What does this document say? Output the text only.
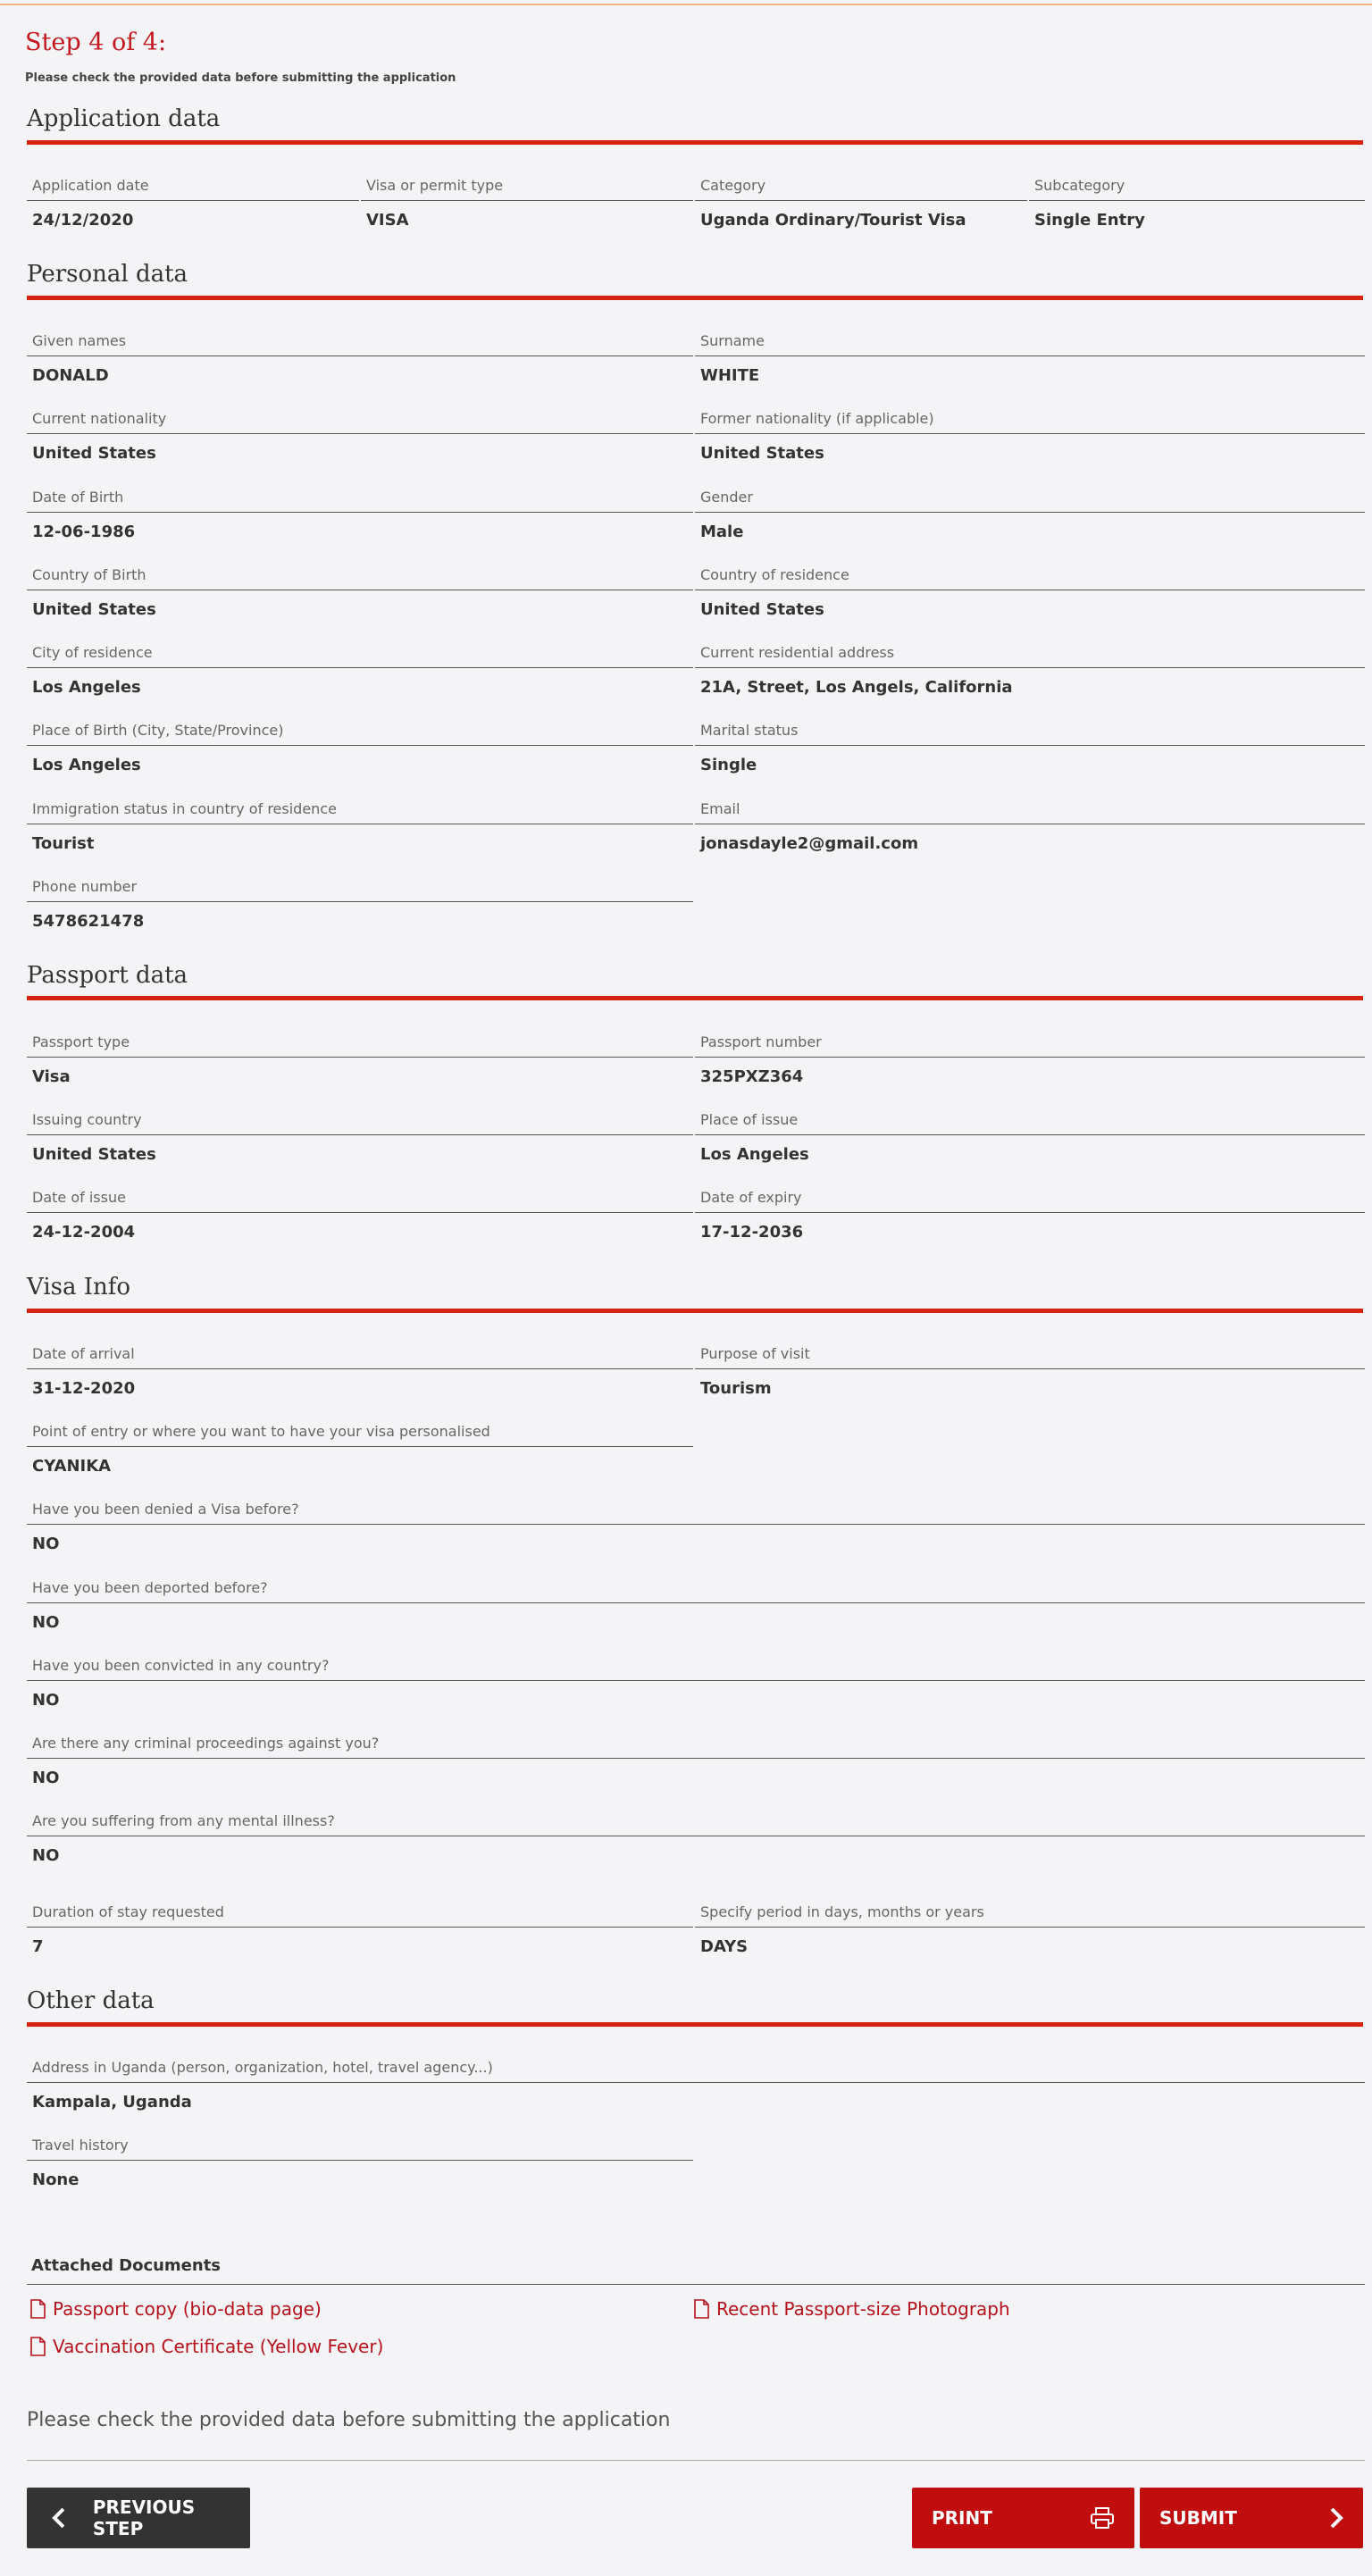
Step 4 of 4:
Please check the provided data before submitting the application
Application data
Application date
24/12/2020
Visa or permit type
VISA
Category
Uganda Ordinary/Tourist Visa
Subcategory
Single Entry
Personal data
Given names
DONALD
Surname
WHITE
Current nationality
United States
Former nationality (if applicable)
United States
Date of Birth
12-06-1986
Gender
Male
Country of Birth
United States
Country of residence
United States
City of residence
Los Angeles
Current residential address
21A, Street, Los Angels, California
Place of Birth (City, State/Province)
Los Angeles
Marital status
Single
Immigration status in country of residence
Tourist
Email
jonasdayle2@gmail.com
Phone number
5478621478
Passport data
Passport type
Visa
Passport number
325PXZ364
Issuing country
United States
Place of issue
Los Angeles
Date of issue
24-12-2004
Date of expiry
17-12-2036
Visa Info
Date of arrival
31-12-2020
Purpose of visit
Tourism
Point of entry or where you want to have your visa personalised
CYANIKA
Have you been denied a Visa before?
NO
Have you been deported before?
NO
Have you been convicted in any country?
NO
Are there any criminal proceedings against you?
NO
Are you suffering from any mental illness?
NO
Duration of stay requested
7
Specify period in days, months or years
DAYS
Other data
Address in Uganda (person, organization, hotel, travel agency...)
Kampala, Uganda
Travel history
None
Attached Documents
Passport copy (bio-data page)	Recent Passport-size Photograph
Vaccination Certificate (Yellow Fever)
Please check the provided data before submitting the application
PREVIOUS STEP	PRINT	SUBMIT
